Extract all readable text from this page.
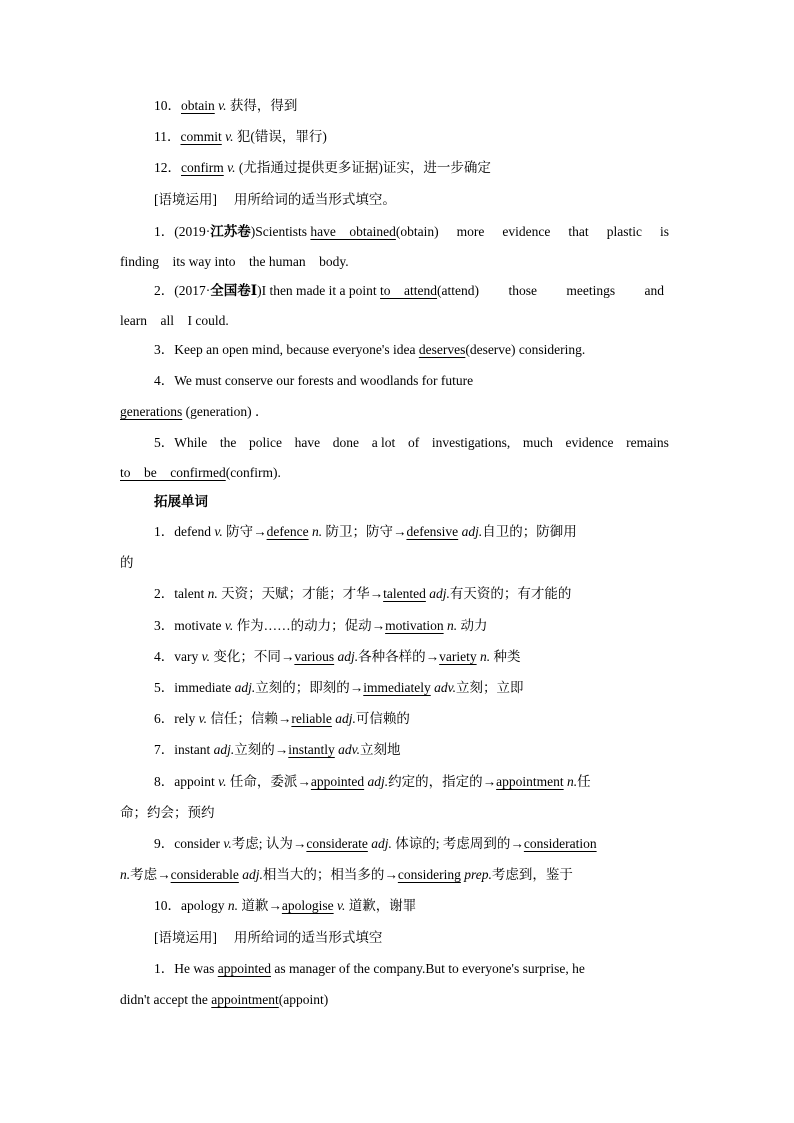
10．obtain v. 获得，得到
11．commit v. 犯(错误，罪行)
12．confirm v. (尤指通过提供更多证据)证实，进一步确定
[语境运用]　 用所给词的适当形式填空。
1．(2019·江苏卷)Scientists have　obtained(obtain) more evidence that plastic is
finding　its way into　the human　body.
2．(2017·全国卷Ⅰ)I then made it a point to　attend(attend) those meetings and
learn　all　I could.
3．Keep an open mind, because everyone's idea deserves(deserve) considering.
4．We must conserve our forests and woodlands for future
generations (generation) ．
5．While the police have done a lot of investigations, much evidence remains
to　be　confirmed(confirm).
拓展单词
1．defend v. 防守→defence n. 防卫；防守→defensive adj.自卫的；防御用
的
2．talent n. 天资；天赋；才能；才华→talented adj.有天资的；有才能的
3．motivate v. 作为……的动力；促动→motivation n. 动力
4．vary v. 变化；不同→various adj.各种各样的→variety n. 种类
5．immediate adj.立刻的；即刻的→immediately adv.立刻；立即
6．rely v. 信任；信赖→reliable adj.可信赖的
7．instant adj.立刻的→instantly adv.立刻地
8．appoint v. 任命，委派→appointed adj.约定的，指定的→appointment n.任
命；约会；预约
9．consider v.考虑; 认为→considerate adj. 体谅的; 考虑周到的→consideration
n.考虑→considerable adj.相当大的；相当多的→considering prep.考虑到，鉴于
10．apology n. 道歉→apologise v. 道歉，谢罪
[语境运用]　 用所给词的适当形式填空
1．He was appointed as manager of the company.But to everyone's surprise, he
didn't accept the appointment(appoint)
